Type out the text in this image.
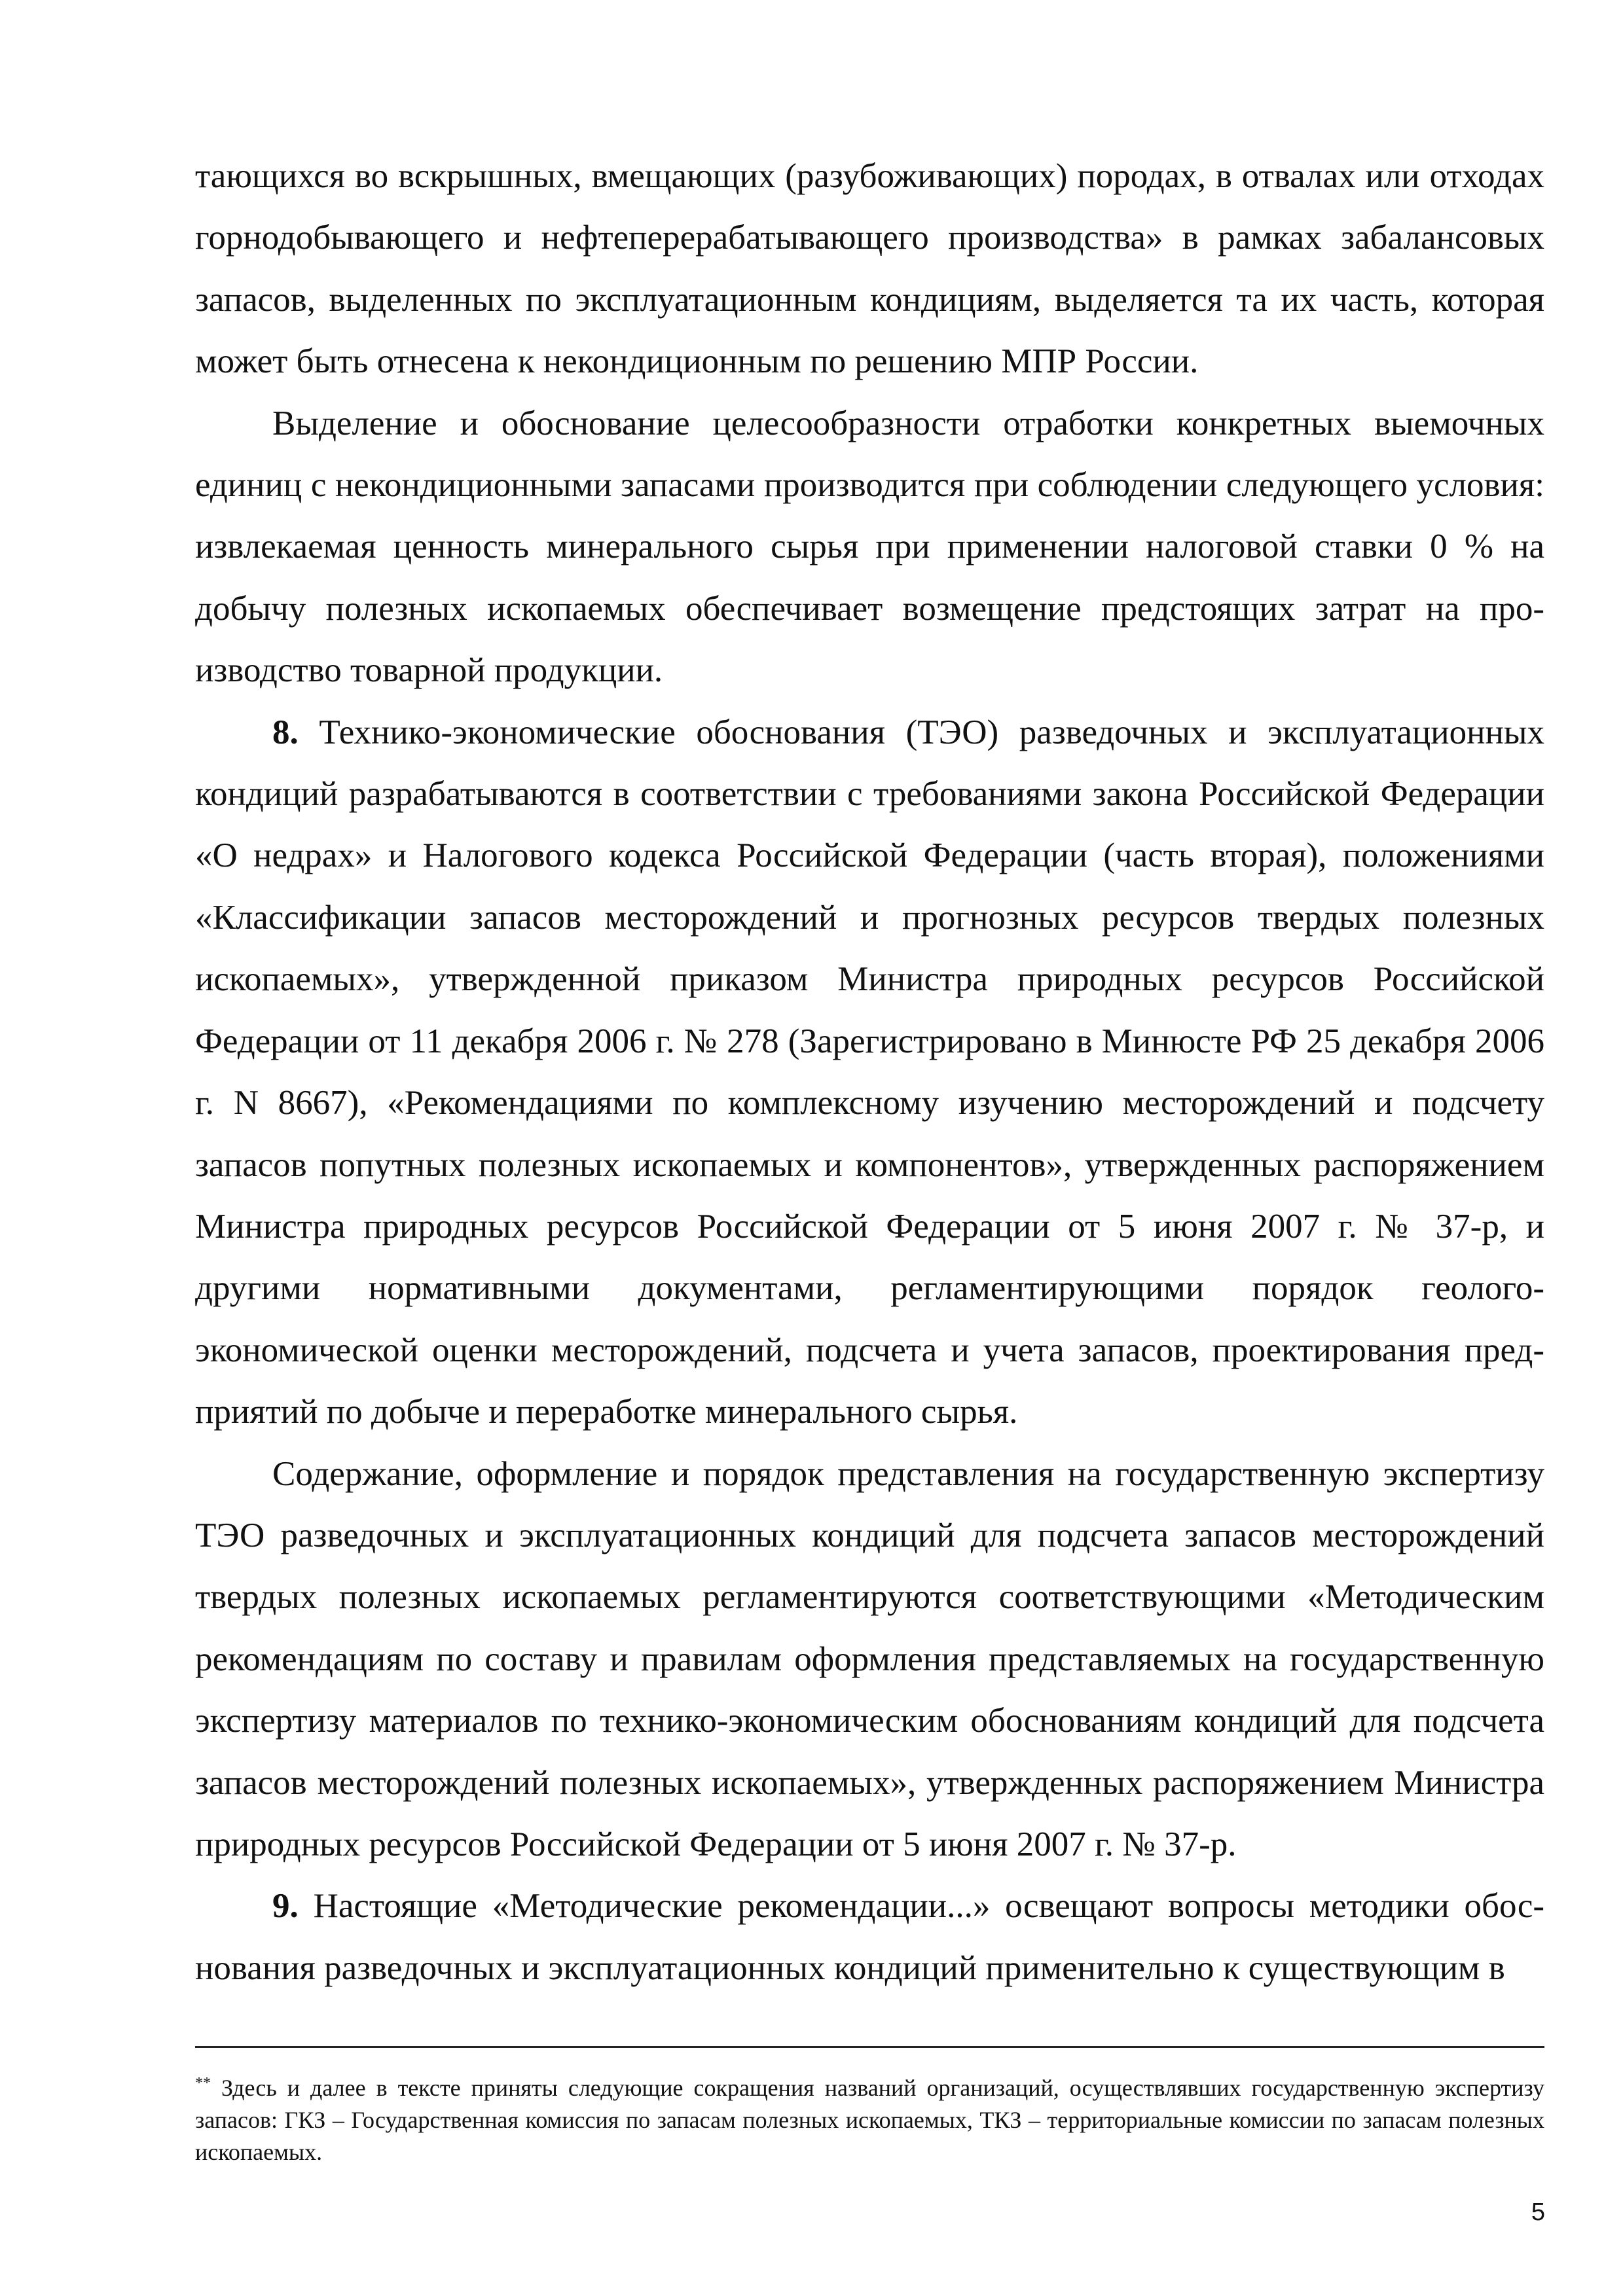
тающихся во вскрышных, вмещающих (разубоживающих) породах, в отвалах или отходах горнодобывающего и нефтеперерабатывающего производства» в рамках забалансовых запасов, выделенных по эксплуатационным кондициям, выделяется та их часть, которая может быть отнесена к некондиционным по решению МПР России.

Выделение и обоснование целесообразности отработки конкретных выемочных единиц с некондиционными запасами производится при соблюдении следующего условия: извлекаемая ценность минерального сырья при применении налоговой ставки 0 % на добычу полезных ископаемых обеспечивает возмещение предстоящих затрат на производство товарной продукции.

8. Технико-экономические обоснования (ТЭО) разведочных и эксплуатационных кондиций разрабатываются в соответствии с требованиями закона Российской Федерации «О недрах» и Налогового кодекса Российской Федерации (часть вторая), положениями «Классификации запасов месторождений и прогнозных ресурсов твердых полезных ископаемых», утвержденной приказом Министра природных ресурсов Российской Федерации от 11 декабря 2006 г. № 278 (Зарегистрировано в Минюсте РФ 25 декабря 2006 г. N 8667), «Рекомендациями по комплексному изучению месторождений и подсчету запасов попутных полезных ископаемых и компонентов», утвержденных распоряжением Министра природных ресурсов Российской Федерации от 5 июня 2007 г. № 37-р, и другими нормативными документами, регламентирующими порядок геолого-экономической оценки месторождений, подсчета и учета запасов, проектирования предприятий по добыче и переработке минерального сырья.

Содержание, оформление и порядок представления на государственную экспертизу ТЭО разведочных и эксплуатационных кондиций для подсчета запасов месторождений твердых полезных ископаемых регламентируются соответствующими «Методическим рекомендациям по составу и правилам оформления представляемых на государственную экспертизу материалов по технико-экономическим обоснованиям кондиций для подсчета запасов месторождений полезных ископаемых», утвержденных распоряжением Министра природных ресурсов Российской Федерации от 5 июня 2007 г. № 37-р.

9. Настоящие «Методические рекомендации...» освещают вопросы методики обоснования разведочных и эксплуатационных кондиций применительно к существующим в

** Здесь и далее в тексте приняты следующие сокращения названий организаций, осуществлявших государственную экспертизу запасов: ГКЗ – Государственная комиссия по запасам полезных ископаемых, ТКЗ – территориальные комиссии по запасам полезных ископаемых.

5
